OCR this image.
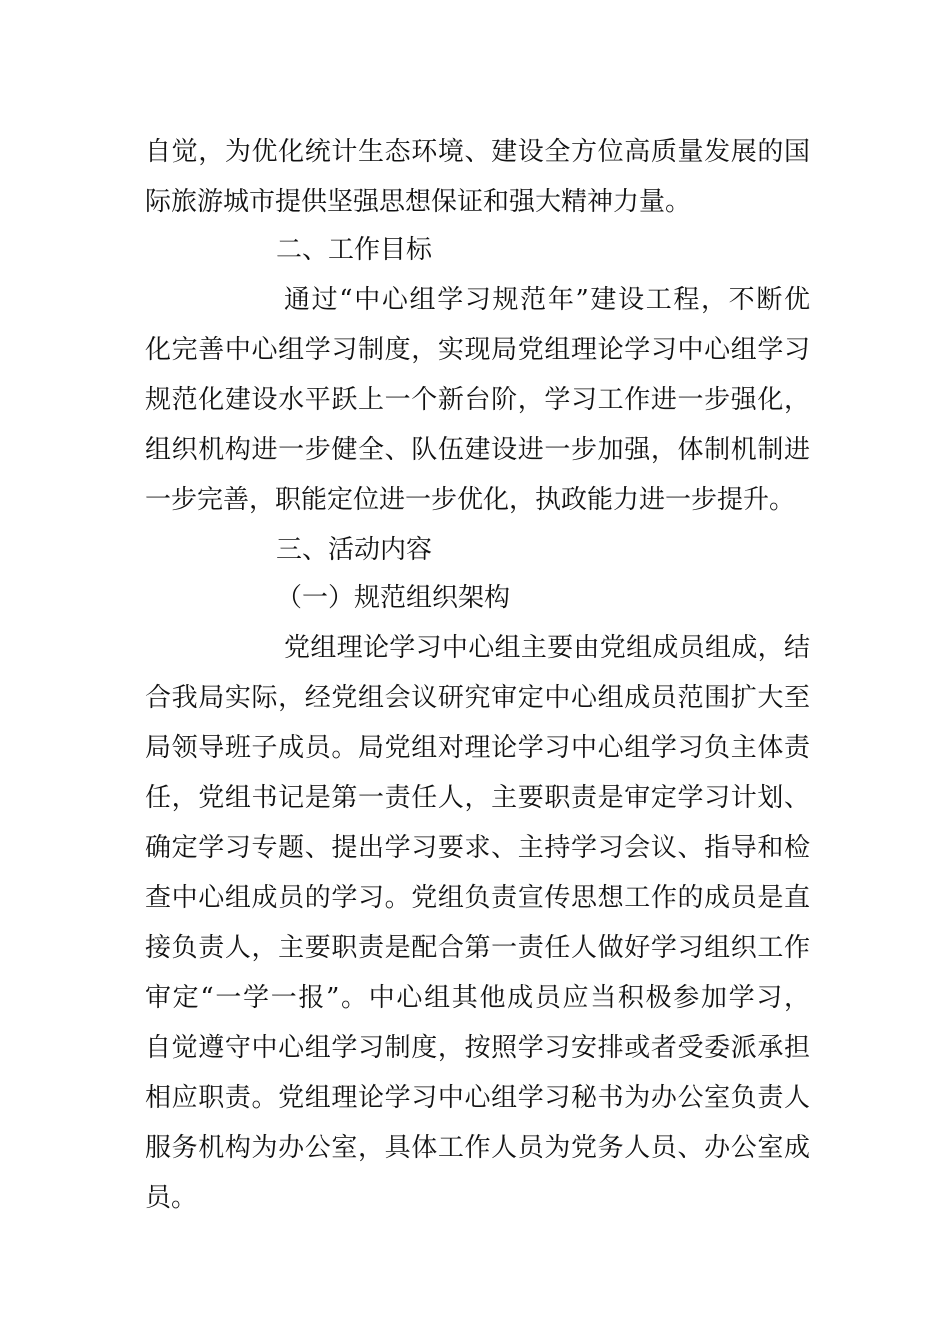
自觉，为优化统计生态环境、建设全方位高质量发展的国
际旅游城市提供坚强思想保证和强大精神力量。
二、工作目标
通过“中心组学习规范年”建设工程，不断优
化完善中心组学习制度，实现局党组理论学习中心组学习
规范化建设水平跃上一个新台阶，学习工作进一步强化，
组织机构进一步健全、队伍建设进一步加强，体制机制进
一步完善，职能定位进一步优化，执政能力进一步提升。
三、活动内容
（一）规范组织架构
党组理论学习中心组主要由党组成员组成，结
合我局实际，经党组会议研究审定中心组成员范围扩大至
局领导班子成员。局党组对理论学习中心组学习负主体责
任，党组书记是第一责任人，主要职责是审定学习计划、
确定学习专题、提出学习要求、主持学习会议、指导和检
查中心组成员的学习。党组负责宣传思想工作的成员是直
接负责人，主要职责是配合第一责任人做好学习组织工作
审定“一学一报”。中心组其他成员应当积极参加学习，
自觉遵守中心组学习制度，按照学习安排或者受委派承担
相应职责。党组理论学习中心组学习秘书为办公室负责人
服务机构为办公室，具体工作人员为党务人员、办公室成
员。
